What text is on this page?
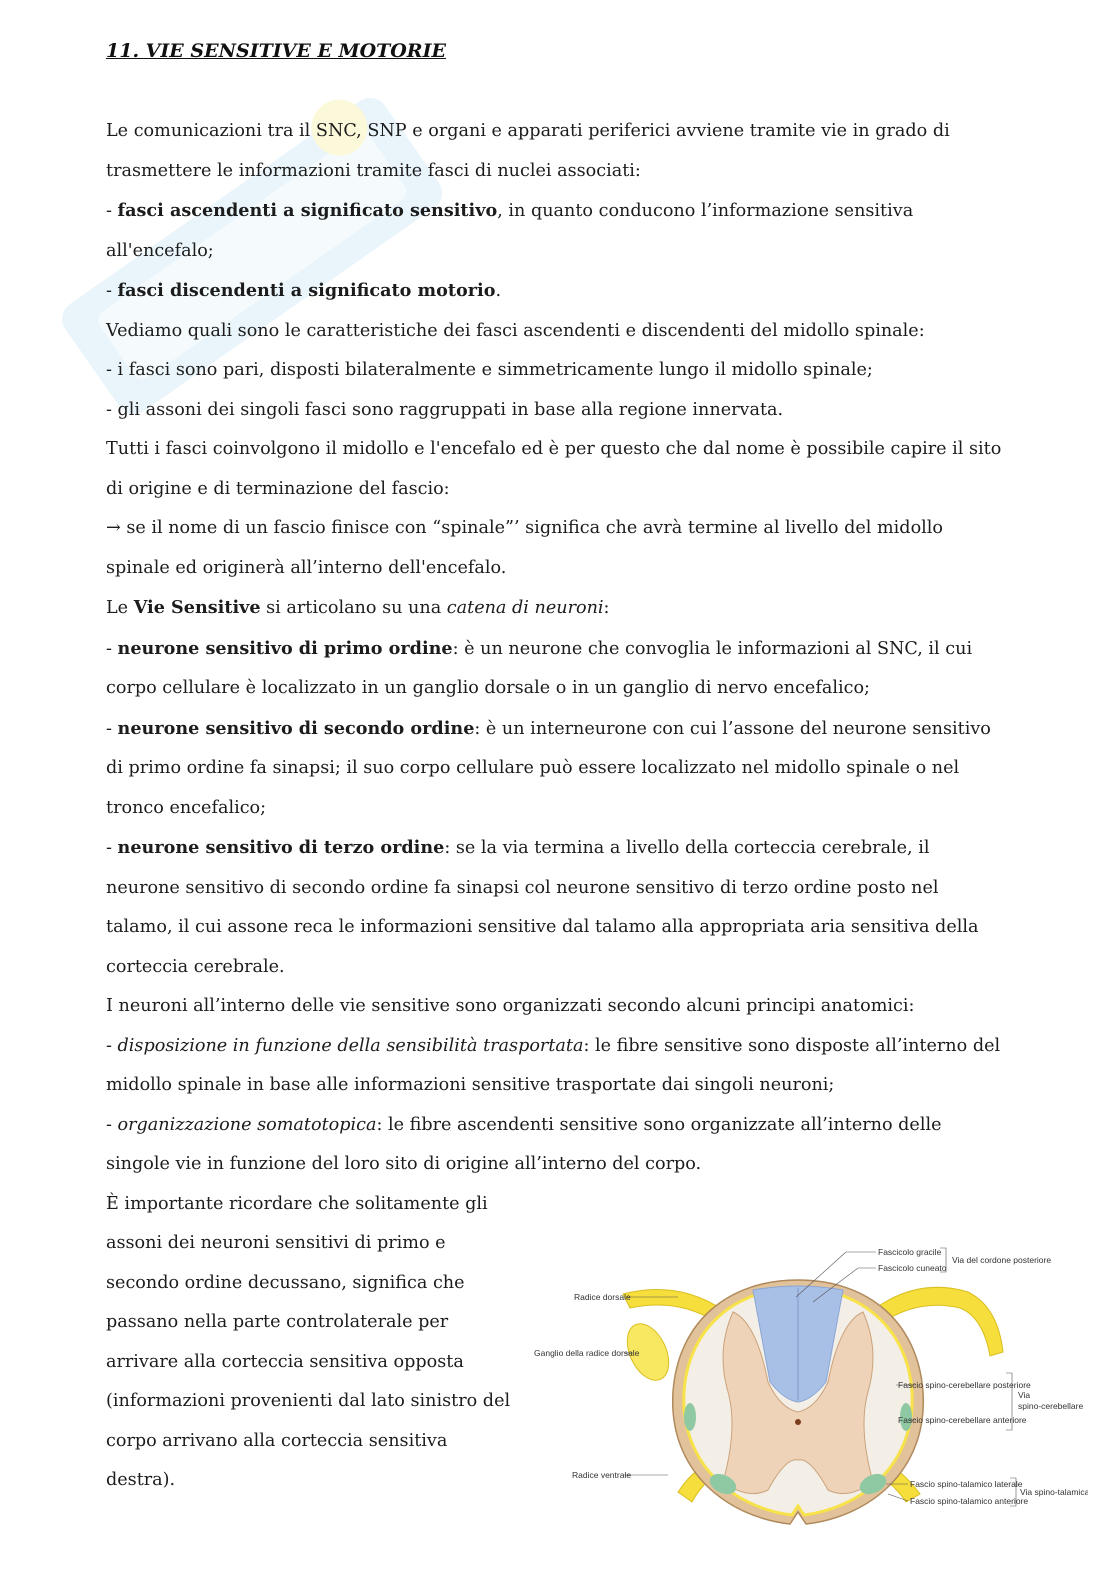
11. VIE SENSITIVE E MOTORIE

Le comunicazioni tra il SNC, SNP e organi e apparati periferici avviene tramite vie in grado di trasmettere le informazioni tramite fasci di nuclei associati:

- fasci ascendenti a significato sensitivo, in quanto conducono l’informazione sensitiva all'encefalo;

- fasci discendenti a significato motorio.

Vediamo quali sono le caratteristiche dei fasci ascendenti e discendenti del midollo spinale:

- i fasci sono pari, disposti bilateralmente e simmetricamente lungo il midollo spinale;

- gli assoni dei singoli fasci sono raggruppati in base alla regione innervata.

Tutti i fasci coinvolgono il midollo e l'encefalo ed è per questo che dal nome è possibile capire il sito di origine e di terminazione del fascio:

→ se il nome di un fascio finisce con “spinale”’ significa che avrà termine al livello del midollo spinale ed originerà all’interno dell'encefalo.

Le Vie Sensitive si articolano su una catena di neuroni:

- neurone sensitivo di primo ordine: è un neurone che convoglia le informazioni al SNC, il cui corpo cellulare è localizzato in un ganglio dorsale o in un ganglio di nervo encefalico;

- neurone sensitivo di secondo ordine: è un interneurone con cui l’assone del neurone sensitivo di primo ordine fa sinapsi; il suo corpo cellulare può essere localizzato nel midollo spinale o nel tronco encefalico;

- neurone sensitivo di terzo ordine: se la via termina a livello della corteccia cerebrale, il neurone sensitivo di secondo ordine fa sinapsi col neurone sensitivo di terzo ordine posto nel talamo, il cui assone reca le informazioni sensitive dal talamo alla appropriata aria sensitiva della corteccia cerebrale.

I neuroni all’interno delle vie sensitive sono organizzati secondo alcuni principi anatomici:

- disposizione in funzione della sensibilità trasportata: le fibre sensitive sono disposte all’interno del midollo spinale in base alle informazioni sensitive trasportate dai singoli neuroni;

- organizzazione somatotopica: le fibre ascendenti sensitive sono organizzate all’interno delle singole vie in funzione del loro sito di origine all’interno del corpo.

È importante ricordare che solitamente gli assoni dei neuroni sensitivi di primo e secondo ordine decussano, significa che passano nella parte controlaterale per arrivare alla corteccia sensitiva opposta (informazioni provenienti dal lato sinistro del corpo arrivano alla corteccia sensitiva destra).

Fascicolo gracile
Fascicolo cuneato
Via del cordone posteriore
Radice dorsale
Ganglio della radice dorsale
Fascio spino-cerebellare posteriore
Fascio spino-cerebellare anteriore
Via
spino-cerebellare
Radice ventrale
Fascio spino-talamico laterale
Fascio spino-talamico anteriore
Via spino-talamica
